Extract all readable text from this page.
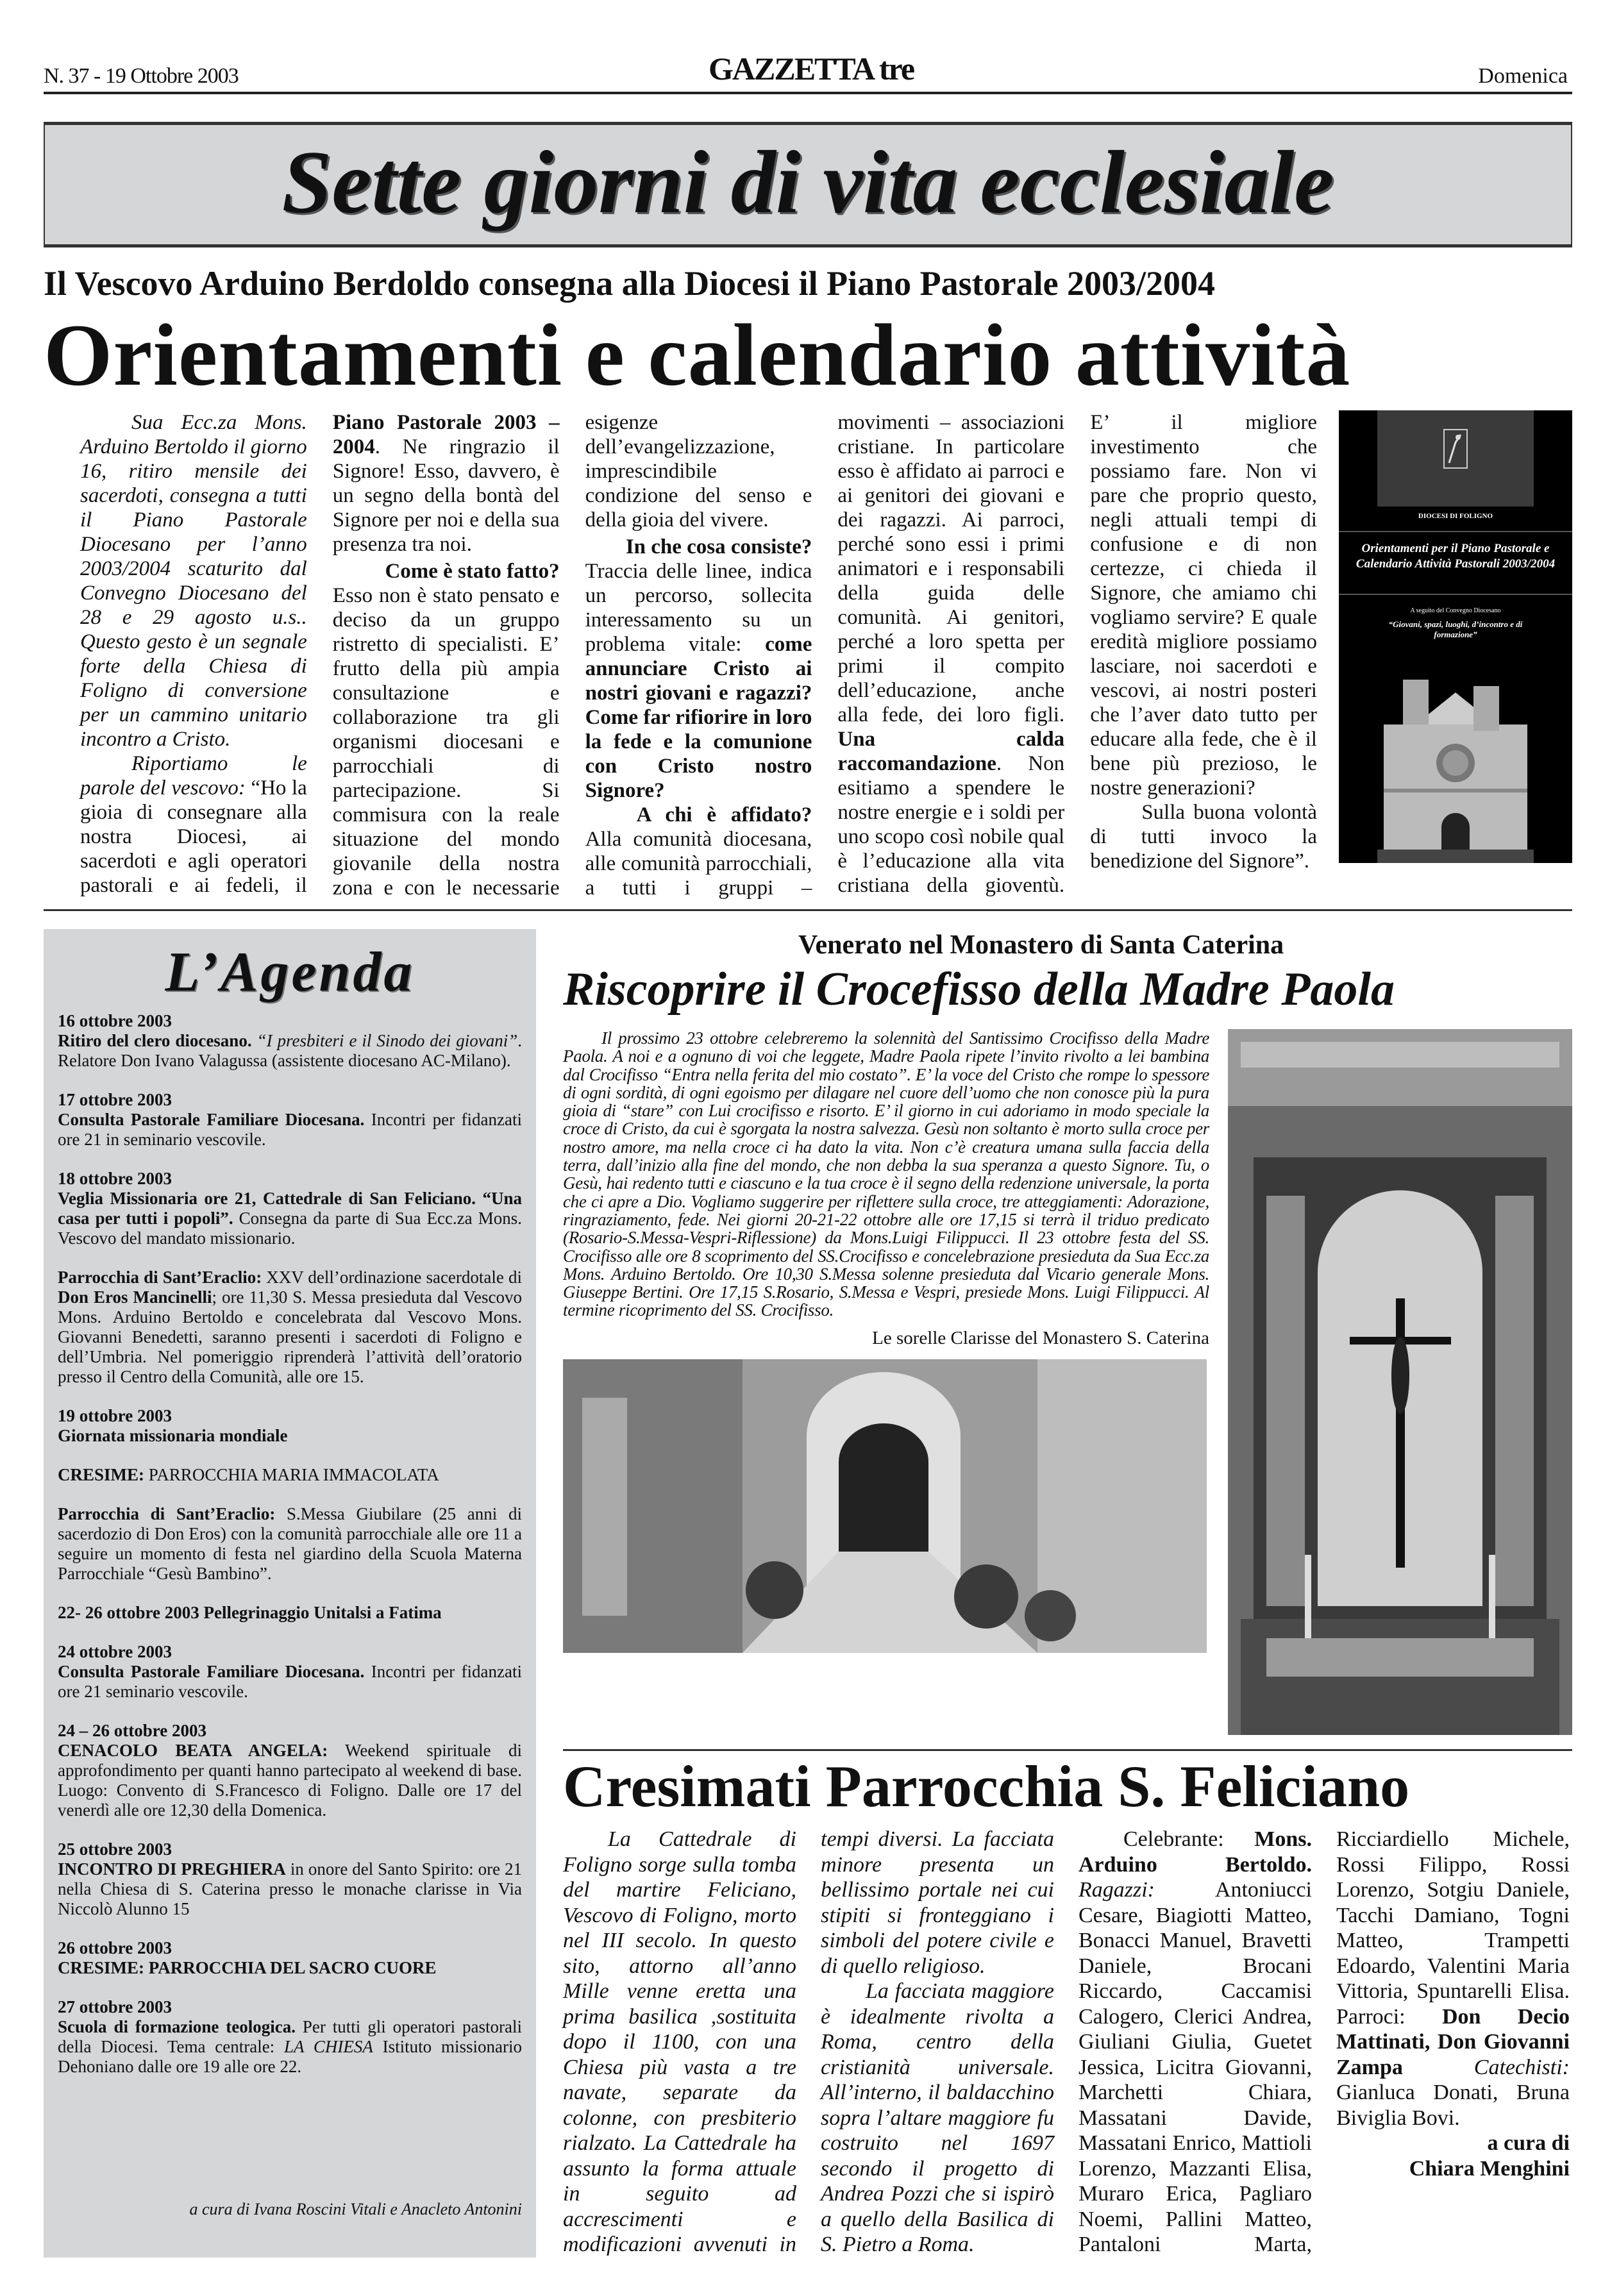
N. 37 - 19 Ottobre 2003	GAZZETTA tre	Domenica
Sette giorni di vita ecclesiale
Il Vescovo Arduino Berdoldo consegna alla Diocesi il Piano Pastorale 2003/2004
Orientamenti e calendario attività

Sua Ecc.za Mons. Arduino Bertoldo il giorno 16, ritiro mensile dei sacerdoti, consegna a tutti il Piano Pastorale Diocesano per l’anno 2003/2004 scaturito dal Convegno Diocesano del 28 e 29 agosto u.s.. Questo gesto è un segnale forte della Chiesa di Foligno di conversione per un cammino unitario incontro a Cristo.

Riportiamo le parole del vescovo: “Ho la gioia di consegnare alla nostra Diocesi, ai sacerdoti e agli operatori pastorali e ai fedeli, il Piano Pastorale 2003 – 2004. Ne ringrazio il Signore! Esso, davvero, è un segno della bontà del Signore per noi e della sua presenza tra noi.

Come è stato fatto?

Esso non è stato pensato e deciso da un gruppo ristretto di specialisti. E’ frutto della più ampia consultazione e collaborazione tra gli organismi diocesani e parrocchiali di partecipazione. Si commisura con la reale situazione del mondo giovanile della nostra zona e con le necessarie esigenze dell’evangelizzazione, imprescindibile condizione del senso e della gioia del vivere.

In che cosa consiste?

Traccia delle linee, indica un percorso, sollecita interessamento su un problema vitale: come annunciare Cristo ai nostri giovani e ragazzi? Come far rifiorire in loro la fede e la comunione con Cristo nostro Signore?

A chi è affidato? Alla comunità diocesana, alle comunità parrocchiali, a tutti i gruppi – movimenti – associazioni cristiane. In particolare esso è affidato ai parroci e ai genitori dei giovani e dei ragazzi. Ai parroci, perché sono essi i primi animatori e i responsabili della guida delle comunità. Ai genitori, perché a loro spetta per primi il compito dell’educazione, anche alla fede, dei loro figli. Una calda raccomandazione. Non esitiamo a spendere le nostre energie e i soldi per uno scopo così nobile qual è l’educazione alla vita cristiana della gioventù. E’ il migliore investimento che possiamo fare. Non vi pare che proprio questo, negli attuali tempi di confusione e di non certezze, ci chieda il Signore, che amiamo chi vogliamo servire? E quale eredità migliore possiamo lasciare, noi sacerdoti e vescovi, ai nostri posteri che l’aver dato tutto per educare alla fede, che è il bene più prezioso, le nostre generazioni?

Sulla buona volontà di tutti invoco la benedizione del Signore”.

DIOCESI DI FOLIGNO
Orientamenti per il Piano Pastorale e Calendario Attività Pastorali 2003/2004
A seguito del Convegno Diocesano
“Giovani, spazi, luoghi, d’incontro e di formazione”
L’Agenda
16 ottobre 2003
Ritiro del clero diocesano. “I presbiteri e il Sinodo dei giovani”. Relatore Don Ivano Valagussa (assistente diocesano AC-Milano).
17 ottobre 2003
Consulta Pastorale Familiare Diocesana. Incontri per fidanzati ore 21 in seminario vescovile.
18 ottobre 2003
Veglia Missionaria ore 21, Cattedrale di San Feliciano. “Una casa per tutti i popoli”. Consegna da parte di Sua Ecc.za Mons. Vescovo del mandato missionario.
Parrocchia di Sant’Eraclio: XXV dell’ordinazione sacerdotale di Don Eros Mancinelli; ore 11,30 S. Messa presieduta dal Vescovo Mons. Arduino Bertoldo e concelebrata dal Vescovo Mons. Giovanni Benedetti, saranno presenti i sacerdoti di Foligno e dell’Umbria. Nel pomeriggio riprenderà l’attività dell’oratorio presso il Centro della Comunità, alle ore 15.
19 ottobre 2003
Giornata missionaria mondiale
CRESIME: PARROCCHIA MARIA IMMACOLATA
Parrocchia di Sant’Eraclio: S.Messa Giubilare (25 anni di sacerdozio di Don Eros) con la comunità parrocchiale alle ore 11 a seguire un momento di festa nel giardino della Scuola Materna Parrocchiale “Gesù Bambino”.
22- 26 ottobre 2003 Pellegrinaggio Unitalsi a Fatima
24 ottobre 2003
Consulta Pastorale Familiare Diocesana. Incontri per fidanzati ore 21 seminario vescovile.
24 – 26 ottobre 2003
CENACOLO BEATA ANGELA: Weekend spirituale di approfondimento per quanti hanno partecipato al weekend di base. Luogo: Convento di S.Francesco di Foligno. Dalle ore 17 del venerdì alle ore 12,30 della Domenica.
25 ottobre 2003
INCONTRO DI PREGHIERA in onore del Santo Spirito: ore 21 nella Chiesa di S. Caterina presso le monache clarisse in Via Niccolò Alunno 15
26 ottobre 2003
CRESIME: PARROCCHIA DEL SACRO CUORE
27 ottobre 2003
Scuola di formazione teologica. Per tutti gli operatori pastorali della Diocesi. Tema centrale: LA CHIESA Istituto missionario Dehoniano dalle ore 19 alle ore 22.
a cura di Ivana Roscini Vitali e Anacleto Antonini
Venerato nel Monastero di Santa Caterina
Riscoprire il Crocefisso della Madre Paola
Il prossimo 23 ottobre celebreremo la solennità del Santissimo Crocifisso della Madre Paola. A noi e a ognuno di voi che leggete, Madre Paola ripete l’invito rivolto a lei bambina dal Crocifisso “Entra nella ferita del mio costato”. E’ la voce del Cristo che rompe lo spessore di ogni sordità, di ogni egoismo per dilagare nel cuore dell’uomo che non conosce più la pura gioia di “stare” con Lui crocifisso e risorto. E’ il giorno in cui adoriamo in modo speciale la croce di Cristo, da cui è sgorgata la nostra salvezza. Gesù non soltanto è morto sulla croce per nostro amore, ma nella croce ci ha dato la vita. Non c’è creatura umana sulla faccia della terra, dall’inizio alla fine del mondo, che non debba la sua speranza a questo Signore. Tu, o Gesù, hai redento tutti e ciascuno e la tua croce è il segno della redenzione universale, la porta che ci apre a Dio. Vogliamo suggerire per riflettere sulla croce, tre atteggiamenti: Adorazione, ringraziamento, fede. Nei giorni 20-21-22 ottobre alle ore 17,15 si terrà il triduo predicato (Rosario-S.Messa-Vespri-Riflessione) da Mons.Luigi Filippucci. Il 23 ottobre festa del SS. Crocifisso alle ore 8 scoprimento del SS.Crocifisso e concelebrazione presieduta da Sua Ecc.za Mons. Arduino Bertoldo. Ore 10,30 S.Messa solenne presieduta dal Vicario generale Mons. Giuseppe Bertini. Ore 17,15 S.Rosario, S.Messa e Vespri, presiede Mons. Luigi Filippucci. Al termine ricoprimento del SS. Crocifisso.
Le sorelle Clarisse del Monastero S. Caterina
Cresimati Parrocchia S. Feliciano

La Cattedrale di Foligno sorge sulla tomba del martire Feliciano, Vescovo di Foligno, morto nel III secolo. In questo sito, attorno all’anno Mille venne eretta una prima basilica ,sostituita dopo il 1100, con una Chiesa più vasta a tre navate, separate da colonne, con presbiterio rialzato. La Cattedrale ha assunto la forma attuale in seguito ad accrescimenti e modificazioni avvenuti in tempi diversi. La facciata minore presenta un bellissimo portale nei cui stipiti si fronteggiano i simboli del potere civile e di quello religioso.

La facciata maggiore è idealmente rivolta a Roma, centro della cristianità universale. All’interno, il baldacchino sopra l’altare maggiore fu costruito nel 1697 secondo il progetto di Andrea Pozzi che si ispirò a quello della Basilica di S. Pietro a Roma.

Celebrante: Mons. Arduino Bertoldo. Ragazzi: Antoniucci Cesare, Biagiotti Matteo, Bonacci Manuel, Bravetti Daniele, Brocani Riccardo, Caccamisi Calogero, Clerici Andrea, Giuliani Giulia, Guetet Jessica, Licitra Giovanni, Marchetti Chiara, Massatani Davide, Massatani Enrico, Mattioli Lorenzo, Mazzanti Elisa, Muraro Erica, Pagliaro Noemi, Pallini Matteo, Pantaloni Marta, Ricciardiello Michele, Rossi Filippo, Rossi Lorenzo, Sotgiu Daniele, Tacchi Damiano, Togni Matteo, Trampetti Edoardo, Valentini Maria Vittoria, Spuntarelli Elisa. Parroci: Don Decio Mattinati, Don Giovanni Zampa Catechisti: Gianluca Donati, Bruna Biviglia Bovi.

a cura di
Chiara Menghini
